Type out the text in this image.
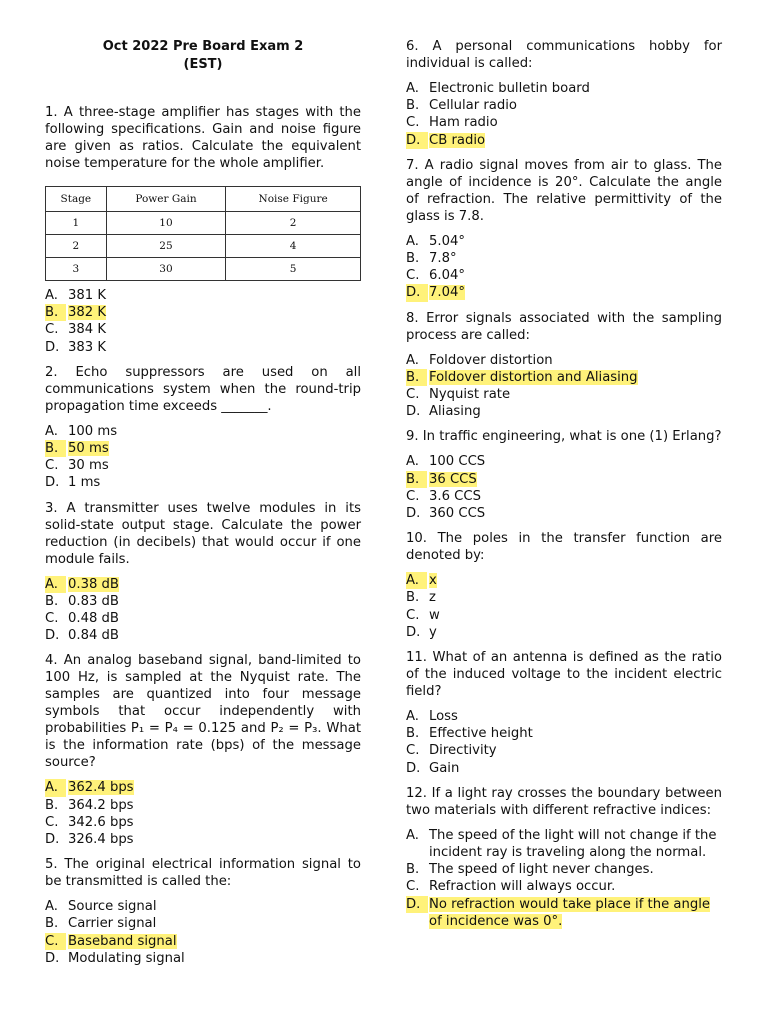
Oct 2022 Pre Board Exam 2
(EST)
1. A three-stage amplifier has stages with the following specifications. Gain and noise figure are given as ratios. Calculate the equivalent noise temperature for the whole amplifier.
Stage	Power Gain	Noise Figure
1	10	2
2	25	4
3	30	5
A. 381 K
B. 382 K
C. 384 K
D. 383 K
2. Echo suppressors are used on all communications system when the round-trip propagation time exceeds _______.
A. 100 ms
B. 50 ms
C. 30 ms
D. 1 ms
3. A transmitter uses twelve modules in its solid-state output stage. Calculate the power reduction (in decibels) that would occur if one module fails.
A. 0.38 dB
B. 0.83 dB
C. 0.48 dB
D. 0.84 dB
4. An analog baseband signal, band-limited to 100 Hz, is sampled at the Nyquist rate. The samples are quantized into four message symbols that occur independently with probabilities P₁ = P₄ = 0.125 and P₂ = P₃. What is the information rate (bps) of the message source?
A. 362.4 bps
B. 364.2 bps
C. 342.6 bps
D. 326.4 bps
5. The original electrical information signal to be transmitted is called the:
A. Source signal
B. Carrier signal
C. Baseband signal
D. Modulating signal
6. A personal communications hobby for individual is called:
A. Electronic bulletin board
B. Cellular radio
C. Ham radio
D. CB radio
7. A radio signal moves from air to glass. The angle of incidence is 20°. Calculate the angle of refraction. The relative permittivity of the glass is 7.8.
A. 5.04°
B. 7.8°
C. 6.04°
D. 7.04°
8. Error signals associated with the sampling process are called:
A. Foldover distortion
B. Foldover distortion and Aliasing
C. Nyquist rate
D. Aliasing
9. In traffic engineering, what is one (1) Erlang?
A. 100 CCS
B. 36 CCS
C. 3.6 CCS
D. 360 CCS
10. The poles in the transfer function are denoted by:
A. x
B. z
C. w
D. y
11. What of an antenna is defined as the ratio of the induced voltage to the incident electric field?
A. Loss
B. Effective height
C. Directivity
D. Gain
12. If a light ray crosses the boundary between two materials with different refractive indices:
A. The speed of the light will not change if the incident ray is traveling along the normal.
B. The speed of light never changes.
C. Refraction will always occur.
D. No refraction would take place if the angle of incidence was 0°.
